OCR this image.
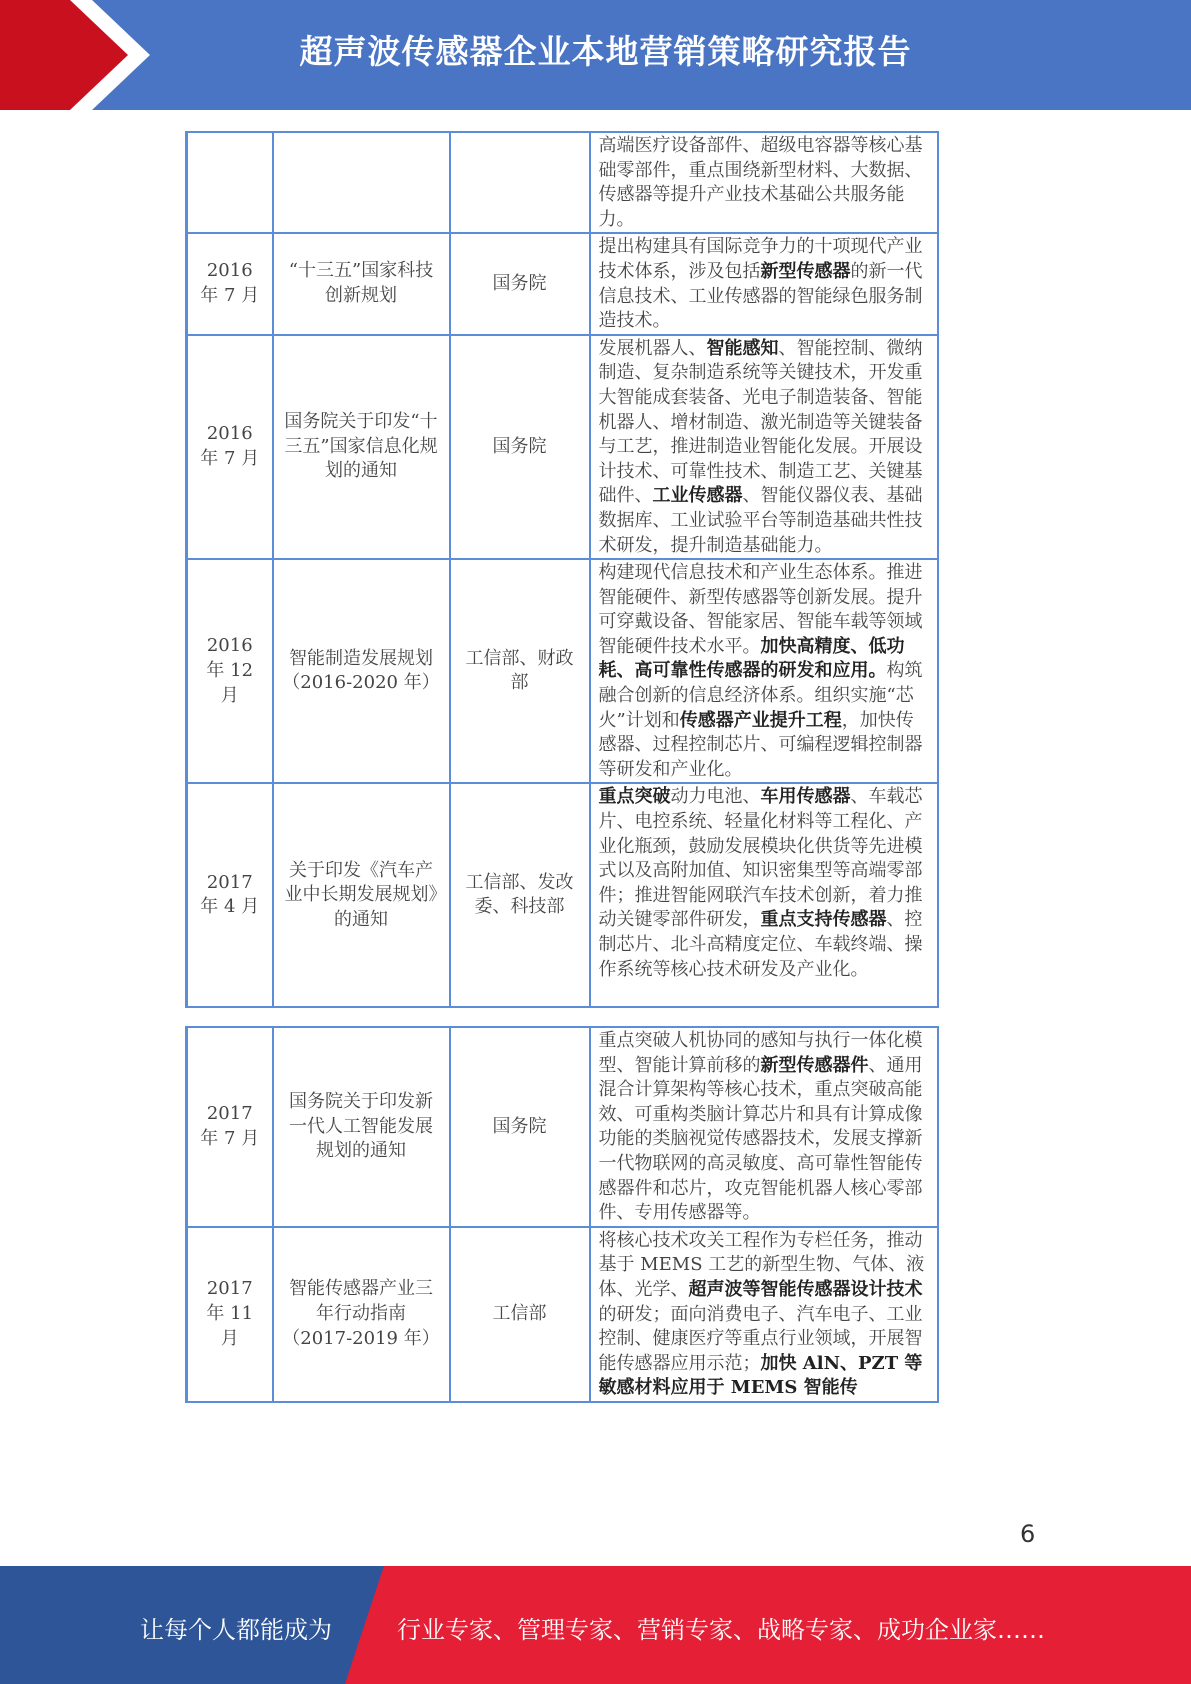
超声波传感器企业本地营销策略研究报告

			高端医疗设备部件、超级电容器等核心基础零部件，重点围绕新型材料、大数据、传感器等提升产业技术基础公共服务能力。

2016 年 7 月	“十三五”国家科技创新规划	国务院	提出构建具有国际竞争力的十项现代产业技术体系，涉及包括新型传感器的新一代信息技术、工业传感器的智能绿色服务制造技术。

2016 年 7 月	国务院关于印发“十三五”国家信息化规划的通知	国务院	发展机器人、智能感知、智能控制、微纳制造、复杂制造系统等关键技术，开发重大智能成套装备、光电子制造装备、智能机器人、增材制造、激光制造等关键装备与工艺，推进制造业智能化发展。开展设计技术、可靠性技术、制造工艺、关键基础件、工业传感器、智能仪器仪表、基础数据库、工业试验平台等制造基础共性技术研发，提升制造基础能力。

2016 年 12 月	智能制造发展规划（2016-2020 年）	工信部、财政部	构建现代信息技术和产业生态体系。推进智能硬件、新型传感器等创新发展。提升可穿戴设备、智能家居、智能车载等领域智能硬件技术水平。加快高精度、低功耗、高可靠性传感器的研发和应用。构筑融合创新的信息经济体系。组织实施“芯火”计划和传感器产业提升工程，加快传感器、过程控制芯片、可编程逻辑控制器等研发和产业化。

2017 年 4 月	关于印发《汽车产业中长期发展规划》的通知	工信部、发改委、科技部	重点突破动力电池、车用传感器、车载芯片、电控系统、轻量化材料等工程化、产业化瓶颈，鼓励发展模块化供货等先进模式以及高附加值、知识密集型等高端零部件；推进智能网联汽车技术创新，着力推动关键零部件研发，重点支持传感器、控制芯片、北斗高精度定位、车载终端、操作系统等核心技术研发及产业化。
2017 年 7 月	国务院关于印发新一代人工智能发展规划的通知	国务院	重点突破人机协同的感知与执行一体化模型、智能计算前移的新型传感器件、通用混合计算架构等核心技术，重点突破高能效、可重构类脑计算芯片和具有计算成像功能的类脑视觉传感器技术，发展支撑新一代物联网的高灵敏度、高可靠性智能传感器件和芯片，攻克智能机器人核心零部件、专用传感器等。

2017 年 11 月	智能传感器产业三年行动指南（2017-2019 年）	工信部	将核心技术攻关工程作为专栏任务，推动基于 MEMS 工艺的新型生物、气体、液体、光学、超声波等智能传感器设计技术的研发；面向消费电子、汽车电子、工业控制、健康医疗等重点行业领域，开展智能传感器应用示范；加快 AlN、PZT 等敏感材料应用于 MEMS 智能传
6
让每个人都能成为	行业专家、管理专家、营销专家、战略专家、成功企业家……
